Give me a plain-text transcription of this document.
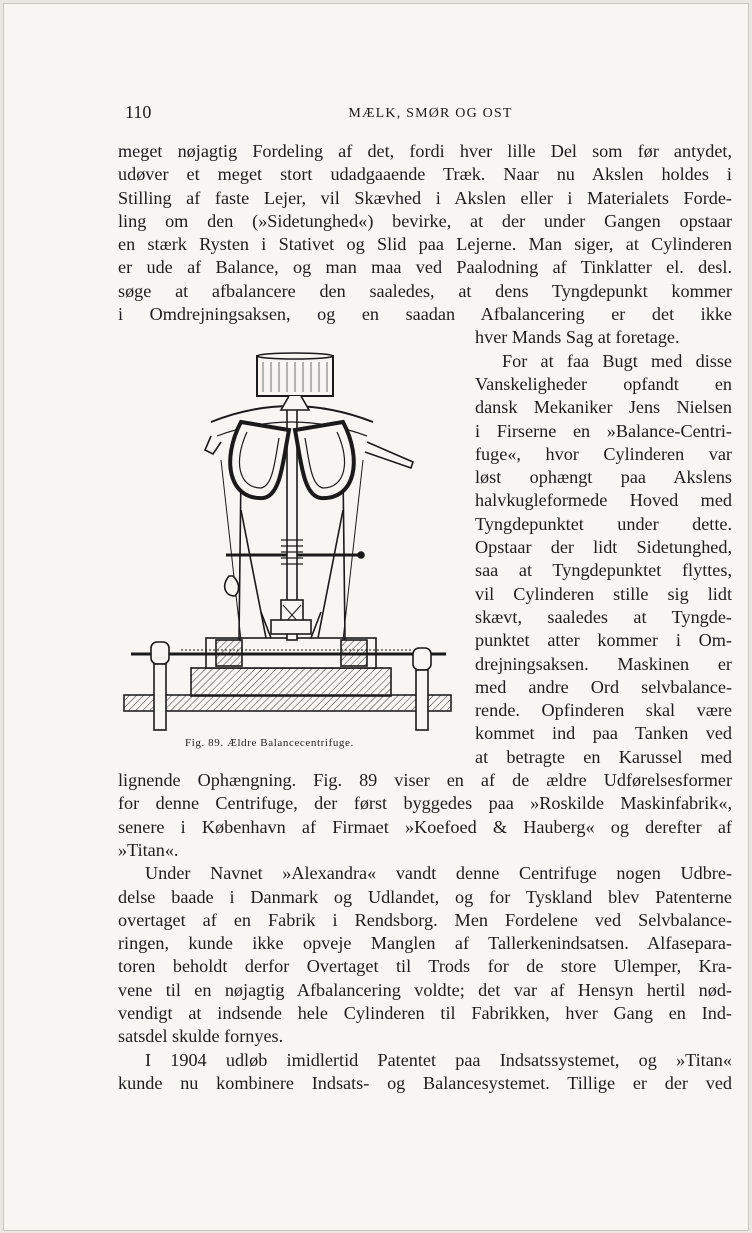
110	MÆLK, SMØR OG OST
Fig. 89. Ældre Balancecentrifuge.
meget nøjagtig Fordeling af det, fordi hver lille Del som før antydet,
udøver et meget stort udadgaaende Træk. Naar nu Akslen holdes i
Stilling af faste Lejer, vil Skævhed i Akslen eller i Materialets Forde-
ling om den (»Sidetunghed«) bevirke, at der under Gangen opstaar
en stærk Rysten i Stativet og Slid paa Lejerne. Man siger, at Cylinderen
er ude af Balance, og man maa ved Paalodning af Tinklatter el. desl.
søge at afbalancere den saaledes, at dens Tyngdepunkt kommer
i Omdrejningsaksen, og en saadan Afbalancering er det ikke
hver Mands Sag at foretage.
For at faa Bugt med disse
Vanskeligheder opfandt en
dansk Mekaniker Jens Nielsen
i Firserne en »Balance-Centri-
fuge«, hvor Cylinderen var
løst ophængt paa Akslens
halvkugleformede Hoved med
Tyngdepunktet under dette.
Opstaar der lidt Sidetunghed,
saa at Tyngdepunktet flyttes,
vil Cylinderen stille sig lidt
skævt, saaledes at Tyngde-
punktet atter kommer i Om-
drejningsaksen. Maskinen er
med andre Ord selvbalance-
rende. Opfinderen skal være
kommet ind paa Tanken ved
at betragte en Karussel med
lignende Ophængning. Fig. 89 viser en af de ældre Udførelsesformer
for denne Centrifuge, der først byggedes paa »Roskilde Maskinfabrik«,
senere i København af Firmaet »Koefoed & Hauberg« og derefter af
»Titan«.
Under Navnet »Alexandra« vandt denne Centrifuge nogen Udbre-
delse baade i Danmark og Udlandet, og for Tyskland blev Patenterne
overtaget af en Fabrik i Rendsborg. Men Fordelene ved Selvbalance-
ringen, kunde ikke opveje Manglen af Tallerkenindsatsen. Alfasepara-
toren beholdt derfor Overtaget til Trods for de store Ulemper, Kra-
vene til en nøjagtig Afbalancering voldte; det var af Hensyn hertil nød-
vendigt at indsende hele Cylinderen til Fabrikken, hver Gang en Ind-
satsdel skulde fornyes.
I 1904 udløb imidlertid Patentet paa Indsatssystemet, og »Titan«
kunde nu kombinere Indsats- og Balancesystemet. Tillige er der ved
